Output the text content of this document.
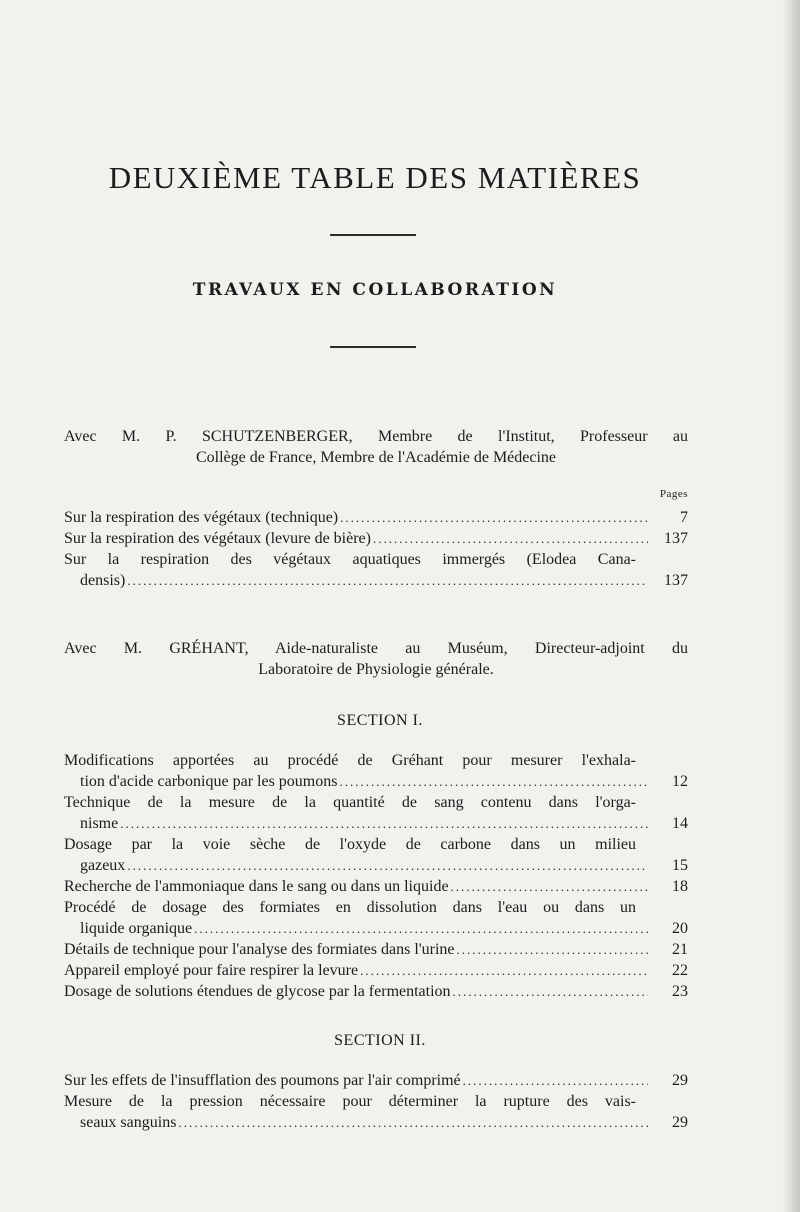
DEUXIÈME TABLE DES MATIÈRES
TRAVAUX EN COLLABORATION
Avec M. P. SCHUTZENBERGER, Membre de l'Institut, Professeur au
Collège de France, Membre de l'Académie de Médecine
Pages
Sur la respiration des végétaux (technique) .....	7
Sur la respiration des végétaux (levure de bière) .....	137
Sur la respiration des végétaux aquatiques immergés (Elodea Cana-
densis) .....	137
Avec M. GRÉHANT, Aide-naturaliste au Muséum, Directeur-adjoint du
Laboratoire de Physiologie générale.
SECTION I.
Modifications apportées au procédé de Gréhant pour mesurer l'exhala-
tion d'acide carbonique par les poumons .....	12
Technique de la mesure de la quantité de sang contenu dans l'orga-
nisme .....	14
Dosage par la voie sèche de l'oxyde de carbone dans un milieu
gazeux .....	15
Recherche de l'ammoniaque dans le sang ou dans un liquide .....	18
Procédé de dosage des formiates en dissolution dans l'eau ou dans un
liquide organique .....	20
Détails de technique pour l'analyse des formiates dans l'urine .....	21
Appareil employé pour faire respirer la levure .....	22
Dosage de solutions étendues de glycose par la fermentation .....	23
SECTION II.
Sur les effets de l'insufflation des poumons par l'air comprimé .....	29
Mesure de la pression nécessaire pour déterminer la rupture des vais-
seaux sanguins .....	29
